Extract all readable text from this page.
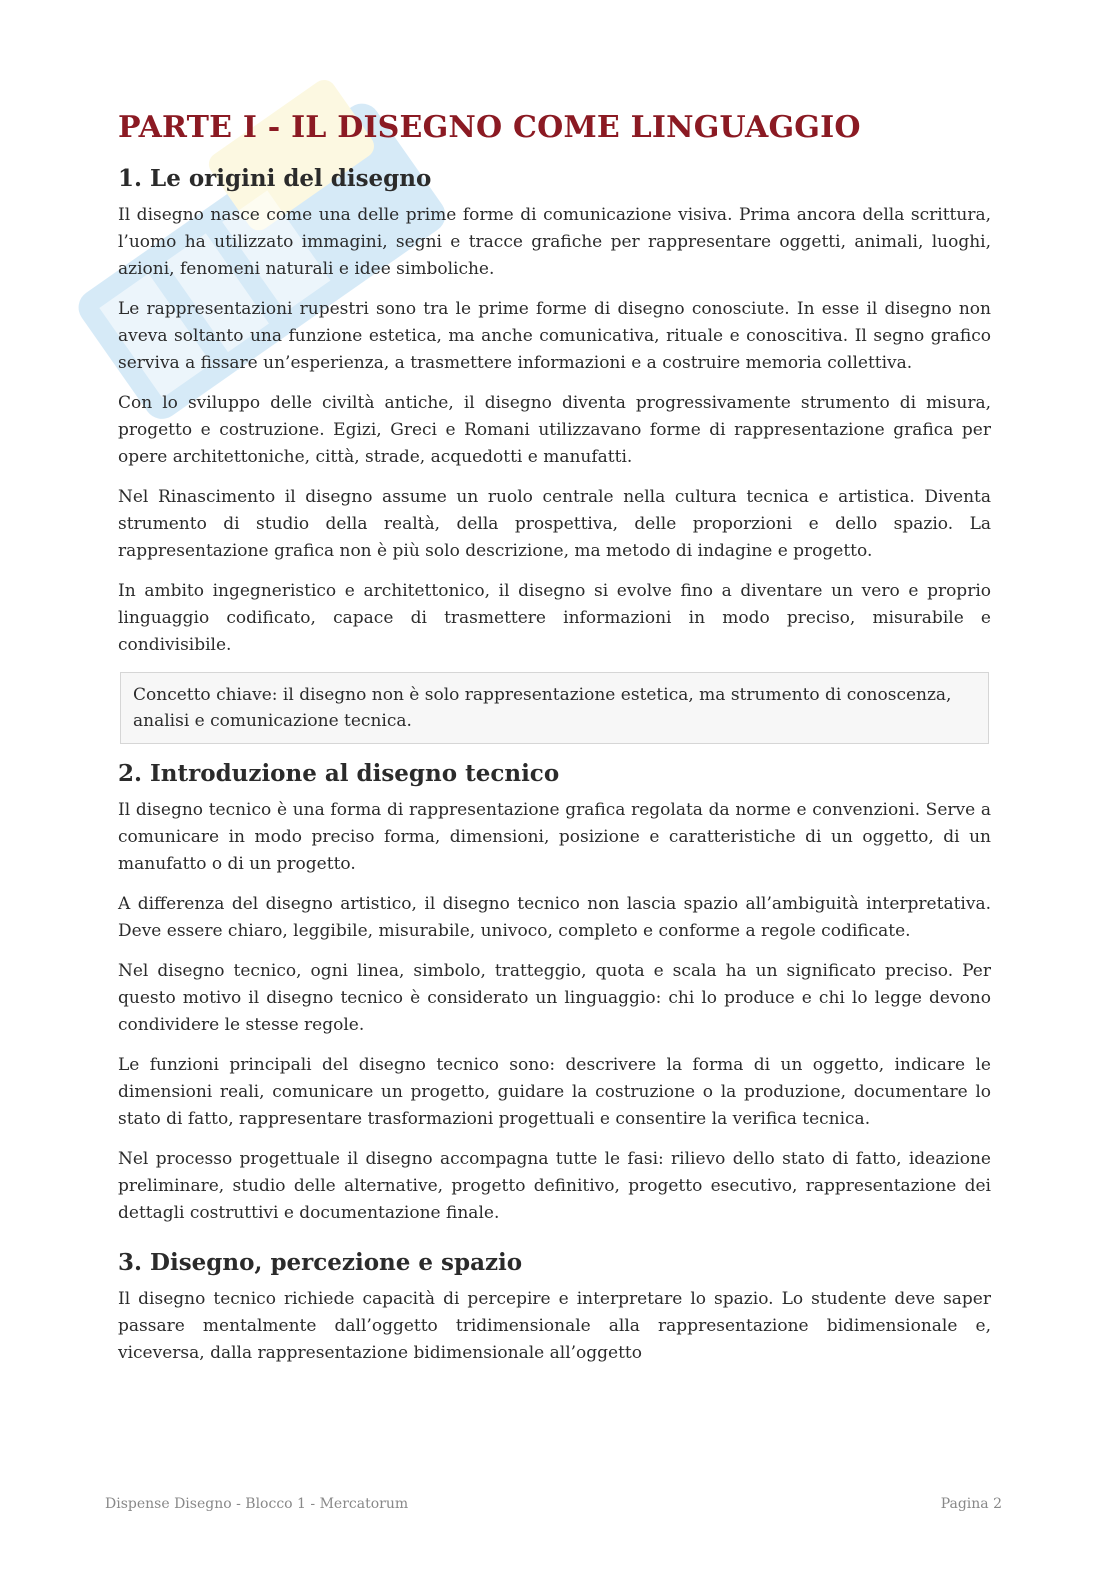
PARTE I - IL DISEGNO COME LINGUAGGIO
1. Le origini del disegno

Il disegno nasce come una delle prime forme di comunicazione visiva. Prima ancora della scrittura, l’uomo ha utilizzato immagini, segni e tracce grafiche per rappresentare oggetti, animali, luoghi, azioni, fenomeni naturali e idee simboliche.

Le rappresentazioni rupestri sono tra le prime forme di disegno conosciute. In esse il disegno non aveva soltanto una funzione estetica, ma anche comunicativa, rituale e conoscitiva. Il segno grafico serviva a fissare un’esperienza, a trasmettere informazioni e a costruire memoria collettiva.

Con lo sviluppo delle civiltà antiche, il disegno diventa progressivamente strumento di misura, progetto e costruzione. Egizi, Greci e Romani utilizzavano forme di rappresentazione grafica per opere architettoniche, città, strade, acquedotti e manufatti.

Nel Rinascimento il disegno assume un ruolo centrale nella cultura tecnica e artistica. Diventa strumento di studio della realtà, della prospettiva, delle proporzioni e dello spazio. La rappresentazione grafica non è più solo descrizione, ma metodo di indagine e progetto.

In ambito ingegneristico e architettonico, il disegno si evolve fino a diventare un vero e proprio linguaggio codificato, capace di trasmettere informazioni in modo preciso, misurabile e condivisibile.

Concetto chiave: il disegno non è solo rappresentazione estetica, ma strumento di conoscenza, analisi e comunicazione tecnica.
2. Introduzione al disegno tecnico

Il disegno tecnico è una forma di rappresentazione grafica regolata da norme e convenzioni. Serve a comunicare in modo preciso forma, dimensioni, posizione e caratteristiche di un oggetto, di un manufatto o di un progetto.

A differenza del disegno artistico, il disegno tecnico non lascia spazio all’ambiguità interpretativa. Deve essere chiaro, leggibile, misurabile, univoco, completo e conforme a regole codificate.

Nel disegno tecnico, ogni linea, simbolo, tratteggio, quota e scala ha un significato preciso. Per questo motivo il disegno tecnico è considerato un linguaggio: chi lo produce e chi lo legge devono condividere le stesse regole.

Le funzioni principali del disegno tecnico sono: descrivere la forma di un oggetto, indicare le dimensioni reali, comunicare un progetto, guidare la costruzione o la produzione, documentare lo stato di fatto, rappresentare trasformazioni progettuali e consentire la verifica tecnica.

Nel processo progettuale il disegno accompagna tutte le fasi: rilievo dello stato di fatto, ideazione preliminare, studio delle alternative, progetto definitivo, progetto esecutivo, rappresentazione dei dettagli costruttivi e documentazione finale.

3. Disegno, percezione e spazio

Il disegno tecnico richiede capacità di percepire e interpretare lo spazio. Lo studente deve saper passare mentalmente dall’oggetto tridimensionale alla rappresentazione bidimensionale e, viceversa, dalla rappresentazione bidimensionale all’oggetto

Dispense Disegno - Blocco 1 - Mercatorum	Pagina 2
